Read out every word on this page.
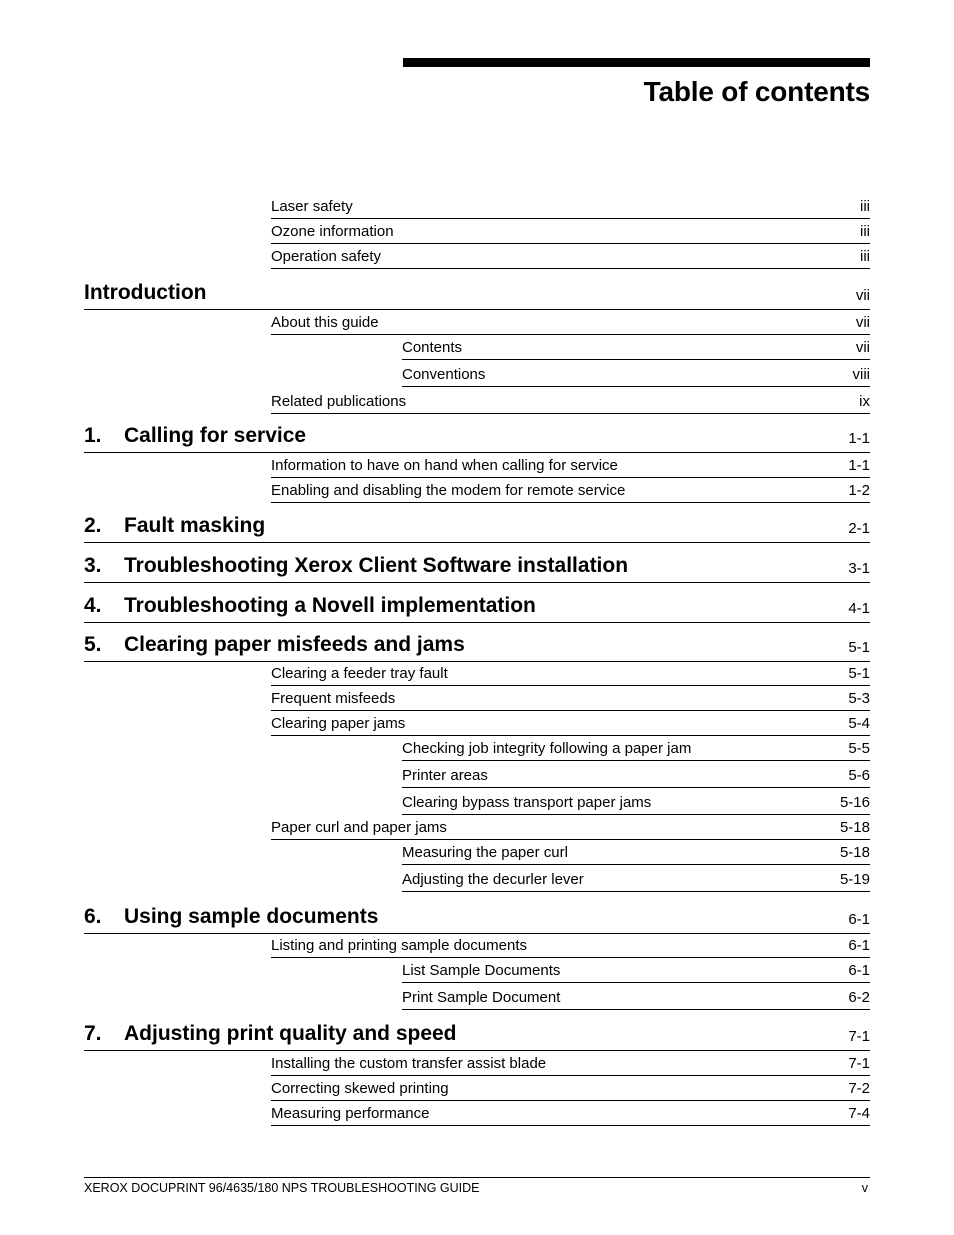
Table of contents
Laser safety	iii
Ozone information	iii
Operation safety	iii
Introduction	vii
About this guide	vii
Contents	vii
Conventions	viii
Related publications	ix
1.	Calling for service	1-1
Information to have on hand when calling for service	1-1
Enabling and disabling the modem for remote service	1-2
2.	Fault masking	2-1
3.	Troubleshooting Xerox Client Software installation	3-1
4.	Troubleshooting a Novell implementation	4-1
5.	Clearing paper misfeeds and jams	5-1
Clearing a feeder tray fault	5-1
Frequent misfeeds	5-3
Clearing paper jams	5-4
Checking job integrity following a paper jam	5-5
Printer areas	5-6
Clearing bypass transport paper jams	5-16
Paper curl and paper jams	5-18
Measuring the paper curl	5-18
Adjusting the decurler lever	5-19
6.	Using sample documents	6-1
Listing and printing sample documents	6-1
List Sample Documents	6-1
Print Sample Document	6-2
7.	Adjusting print quality and speed	7-1
Installing the custom transfer assist blade	7-1
Correcting skewed printing	7-2
Measuring performance	7-4
XEROX DOCUPRINT 96/4635/180 NPS TROUBLESHOOTING GUIDE	v
